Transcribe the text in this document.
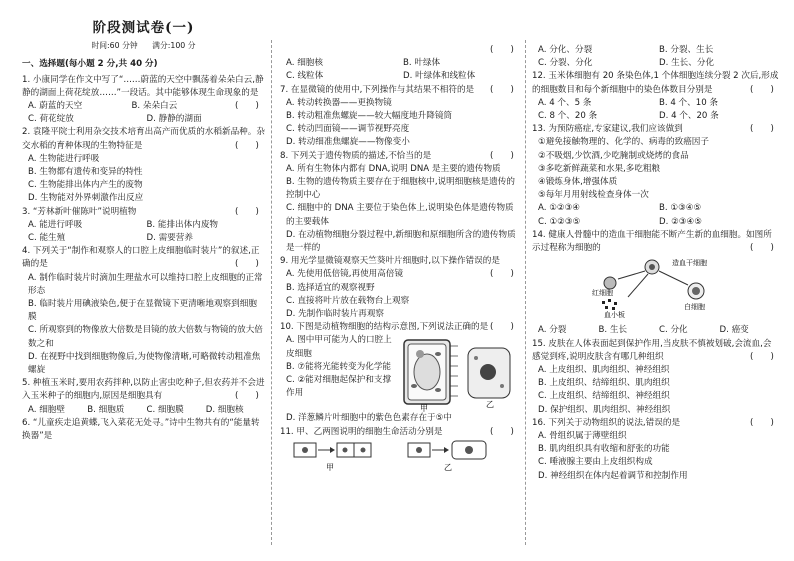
阶段测试卷(一)
时间:60 分钟 满分:100 分
一、选择题(每小题 2 分,共 40 分)
1. 小康同学在作文中写了“……蔚蓝的天空中飘荡着朵朵白云,静静的湖面上荷花绽放……”一段话。其中能够体现生命现象的是
(　　)
A. 蔚蓝的天空	B. 朵朵白云
C. 荷花绽放	D. 静静的湖面
2. 袁隆平院士利用杂交技术培育出高产而优质的水稻新品种。杂交水稻的育种体现的生物特征是	(　　)
A. 生物能进行呼吸
B. 生物都有遗传和变异的特性
C. 生物能排出体内产生的废物
D. 生物能对外界刺激作出反应
3. “芳林新叶催陈叶”说明植物	(　　)
A. 能进行呼吸	B. 能排出体内废物
C. 能生殖	D. 需要营养
4. 下列关于“制作和观察人的口腔上皮细胞临时装片”的叙述,正确的是	(　　)
A. 制作临时装片时滴加生理盐水可以维持口腔上皮细胞的正常形态
B. 临时装片用碘液染色,便于在显微镜下更清晰地观察到细胞膜
C. 所观察到的物像放大倍数是目镜的放大倍数与物镜的放大倍数之和
D. 在视野中找到细胞物像后,为使物像清晰,可略微转动粗准焦螺旋
5. 种植玉米时,要用农药拌种,以防止害虫吃种子,但农药并不会进入玉米种子的细胞内,原因是细胞具有	(　　)
A. 细胞壁	B. 细胞质	C. 细胞膜	D. 细胞核
6. “儿童疾走追黄蝶,飞入菜花无处寻。”诗中生物共有的“能量转换器”是
(　　)

A. 细胞核	B. 叶绿体
C. 线粒体	D. 叶绿体和线粒体
7. 在显微镜的使用中,下列操作与其结果不相符的是 (　　)
A. 转动转换器——更换物镜
B. 转动粗准焦螺旋——较大幅度地升降镜筒
C. 转动凹面镜——调节视野亮度
D. 转动细准焦螺旋——物像变小
8. 下列关于遗传物质的描述,不恰当的是	(　　)
A. 所有生物体内都有 DNA,说明 DNA 是主要的遗传物质
B. 生物的遗传物质主要存在于细胞核中,说明细胞核是遗传的控制中心
C. 细胞中的 DNA 主要位于染色体上,说明染色体是遗传物质的主要载体
D. 在动植物细胞分裂过程中,新细胞和原细胞所含的遗传物质是一样的
9. 用光学显微镜观察天竺葵叶片细胞时,以下操作错误的是
(　　)
A. 先使用低倍镜,再使用高倍镜
B. 选择适宜的观察视野
C. 直接将叶片放在载物台上观察
D. 先制作临时装片再观察
10. 下图是动植物细胞的结构示意图,下列说法正确的是 (　　)
A. 图中甲可能为人的口腔上皮细胞
B. ⑦能将光能转变为化学能
C. ②能对细胞起保护和支撑作用
甲	乙
D. 洋葱鳞片叶细胞中的紫色色素存在于⑤中
11. 甲、乙两图说明的细胞生命活动分别是	(　　)
甲	乙
A. 分化、分裂	B. 分裂、生长
C. 分裂、分化	D. 生长、分化
12. 玉米体细胞有 20 条染色体,1 个体细胞连续分裂 2 次后,形成的细胞数目和每个新细胞中的染色体数目分别是	(　　)
A. 4 个、5 条	B. 4 个、10 条
C. 8 个、20 条	D. 4 个、20 条
13. 为预防癌症,专家建议,我们应该做到	(　　)
①避免接触物理的、化学的、病毒的致癌因子
②不吸烟,少饮酒,少吃腌制或烧烤的食品
③多吃新鲜蔬菜和水果,多吃粗粮
④锻炼身体,增强体质
⑤每年月用射线检查身体一次
A. ①②③④	B. ①③④⑤
C. ①②③⑤	D. ②③④⑤
14. 健康人骨髓中的造血干细胞能不断产生新的血细胞。如图所示过程称为细胞的	(　　)
造血干细胞
红细胞
血小板
白细胞
A. 分裂	B. 生长	C. 分化	D. 癌变
15. 皮肤在人体表面起到保护作用,当皮肤不慎被划破,会流血,会感觉到疼,说明皮肤含有哪几种组织	(　　)
A. 上皮组织、肌肉组织、神经组织
B. 上皮组织、结缔组织、肌肉组织
C. 上皮组织、结缔组织、神经组织
D. 保护组织、肌肉组织、神经组织
16. 下列关于动物组织的说法,错误的是	(　　)
A. 骨组织属于薄壁组织
B. 肌肉组织具有收缩和舒张的功能
C. 唾液腺主要由上皮组织构成
D. 神经组织在体内起着调节和控制作用
